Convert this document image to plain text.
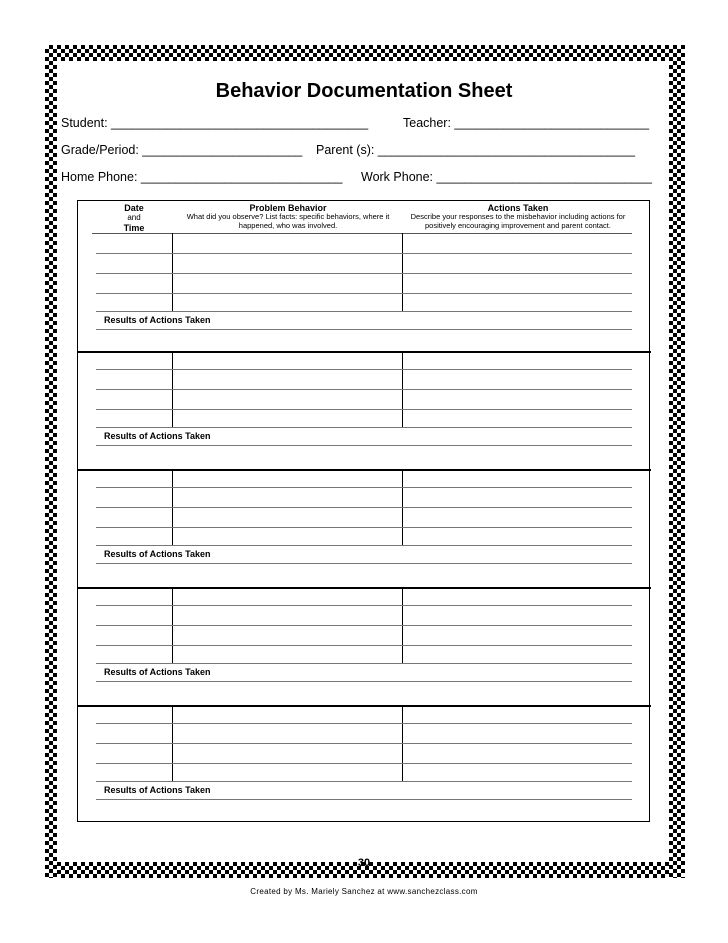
Behavior Documentation Sheet
Student: _____________________________________	Teacher: ____________________________
Grade/Period: _______________________ Parent (s): _____________________________________
Home Phone: _____________________________ Work Phone: _______________________________
Date
and
Time
Problem Behavior
What did you observe? List facts: specific behaviors, where it happened, who was involved.
Actions Taken
Describe your responses to the misbehavior including actions for positively encouraging improvement and parent contact.
Results of Actions Taken
Results of Actions Taken
Results of Actions Taken
Results of Actions Taken
Results of Actions Taken
30
Created by Ms. Mariely Sanchez at www.sanchezclass.com
